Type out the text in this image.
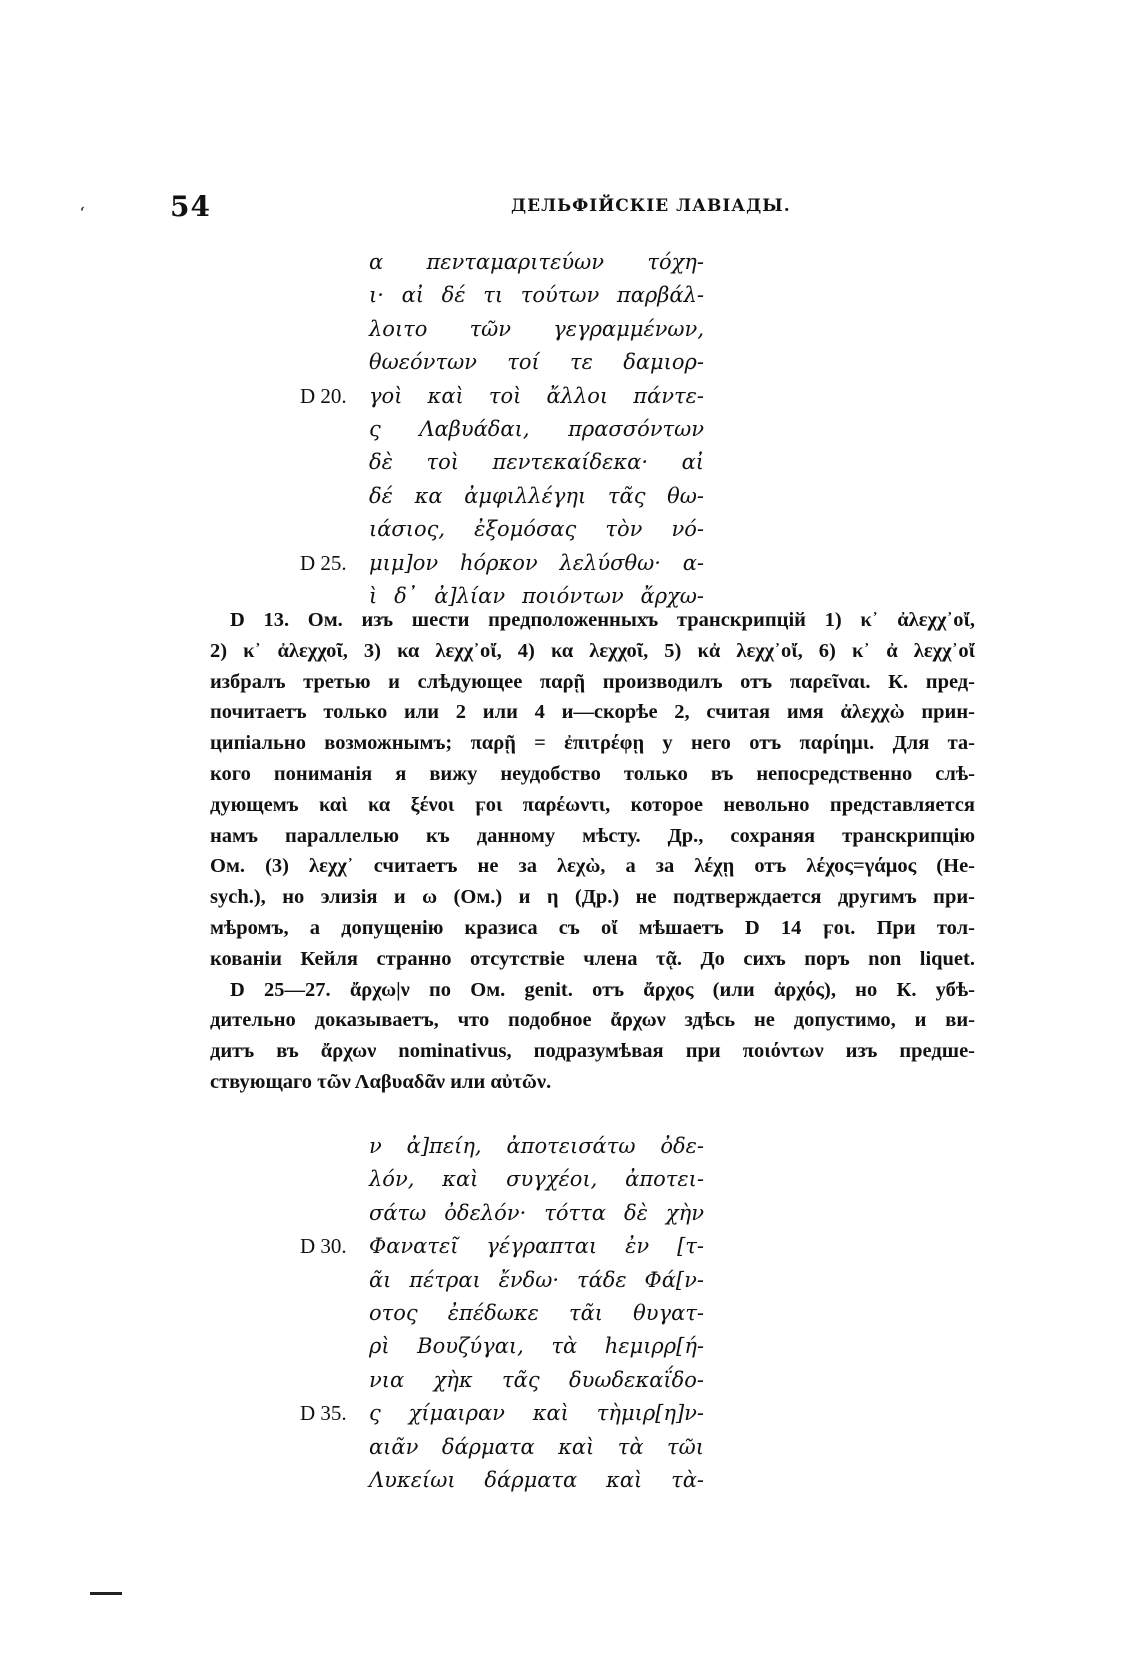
‘	54	ДЕЛЬФІЙСКІЕ ЛАВІАДЫ.
α πενταμαριτεύων τόχη-
ι· αἰ δέ τι τούτων παρβάλ-
λοιτο τῶν γεγραμμένων,
θωεόντων τοί τε δαμιορ-
D 20.	γοὶ καὶ τοὶ ἄλλοι πάντε-
ς Λαβυάδαι, πρασσόντων
δὲ τοὶ πεντεκαίδεκα· αἰ
δέ κα ἀμφιλλέγηι τᾶς θω-
ιάσιος, ἐξομόσας τὸν νό-
D 25.	μιμ]ον hόρκον λελύσθω· α-
ὶ δ᾽ ἀ]λίαν ποιόντων ἄρχω-
D 13. Ом. изъ шести предположенныхъ транскрипцій 1) κ᾽ ἀλεχχ᾽οἴ,
2) κ᾽ ἀλεχχοῖ, 3) κα λεχχ᾽οἴ, 4) κα λεχχοῖ, 5) κἀ λεχχ᾽οἴ, 6) κ᾽ ἀ λεχχ᾽οἴ
избралъ третью и слѣдующее παρῇ производилъ отъ παρεῖναι. К. пред-
почитаетъ только или 2 или 4 и—скорѣе 2, считая имя ἀλεχχὼ прин-
ципіально возможнымъ; παρῇ = ἐπιτρέφῃ у него отъ παρίημι. Для та-
кого пониманія я вижу неудобство только въ непосредственно слѣ-
дующемъ καὶ κα ξένοι ϝοι παρέωντι, которое невольно представляется
намъ параллелью къ данному мѣсту. Др., сохраняя транскрипцію
Ом. (3) λεχχ᾽ считаетъ не за λεχὼ, а за λέχῃ отъ λέχος=γάμος (He-
sych.), но элизія и ω (Ом.) и η (Др.) не подтверждается другимъ при-
мѣромъ, а допущенію кразиса съ οἴ мѣшаетъ D 14 ϝοι. При тол-
кованіи Кейля странно отсутствіе члена τᾷ. До сихъ поръ non liquet.
D 25—27. ἄρχω|ν по Ом. genit. отъ ἄρχος (или ἀρχός), но К. убѣ-
дительно доказываетъ, что подобное ἄρχων здѣсь не допустимо, и ви-
дитъ въ ἄρχων nominativus, подразумѣвая при ποιόντων изъ предше-
ствующаго τῶν Λαβυαδᾶν или αὐτῶν.
ν ἀ]πείη, ἀποτεισάτω ὀδε-
λόν, καὶ συγχέοι, ἀποτει-
σάτω ὀδελόν· τόττα δὲ χὴν
D 30.	Φανατεῖ γέγραπται ἐν [τ-
ᾶι πέτραι ἔνδω· τάδε Φά[ν-
οτος ἐπέδωκε τᾶι θυγατ-
ρὶ Βουζύγαι, τὰ hεμιρρ[ή-
νια χὴκ τᾶς δυωδεκαΐδο-
D 35.	ς χίμαιραν καὶ τὴμιρ[η]ν-
αιᾶν δάρματα καὶ τὰ τῶι
Λυκείωι δάρματα καὶ τὰ-
